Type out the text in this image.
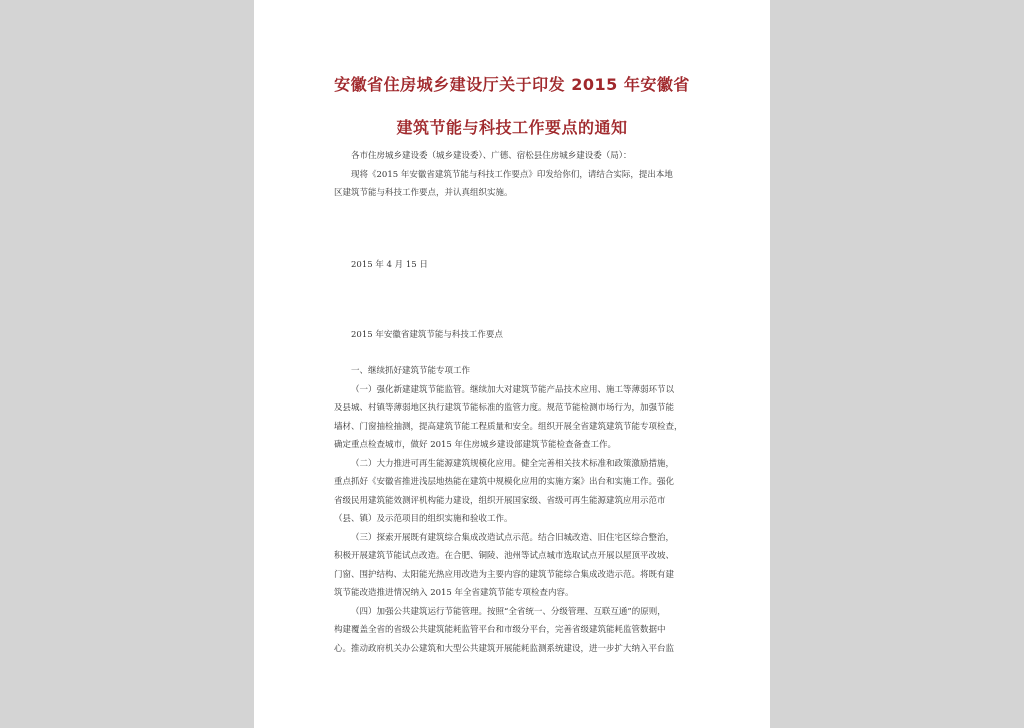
安徽省住房城乡建设厅关于印发 2015 年安徽省
建筑节能与科技工作要点的通知
各市住房城乡建设委（城乡建设委）、广德、宿松县住房城乡建设委（局）：
现将《2015 年安徽省建筑节能与科技工作要点》印发给你们，请结合实际，提出本地
区建筑节能与科技工作要点，并认真组织实施。
2015 年 4 月 15 日
2015 年安徽省建筑节能与科技工作要点
一、继续抓好建筑节能专项工作
（一）强化新建建筑节能监管。继续加大对建筑节能产品技术应用、施工等薄弱环节以
及县城、村镇等薄弱地区执行建筑节能标准的监管力度。规范节能检测市场行为，加强节能
墙材、门窗抽检抽测，提高建筑节能工程质量和安全。组织开展全省建筑建筑节能专项检查，
确定重点检查城市，做好 2015 年住房城乡建设部建筑节能检查备查工作。
（二）大力推进可再生能源建筑规模化应用。健全完善相关技术标准和政策激励措施，
重点抓好《安徽省推进浅层地热能在建筑中规模化应用的实施方案》出台和实施工作。强化
省级民用建筑能效测评机构能力建设，组织开展国家级、省级可再生能源建筑应用示范市
（县、镇）及示范项目的组织实施和验收工作。
（三）探索开展既有建筑综合集成改造试点示范。结合旧城改造、旧住宅区综合整治，
积极开展建筑节能试点改造。在合肥、铜陵、池州等试点城市选取试点开展以屋顶平改坡、
门窗、围护结构、太阳能光热应用改造为主要内容的建筑节能综合集成改造示范。将既有建
筑节能改造推进情况纳入 2015 年全省建筑节能专项检查内容。
（四）加强公共建筑运行节能管理。按照“全省统一、分级管理、互联互通”的原则，
构建覆盖全省的省级公共建筑能耗监管平台和市级分平台，完善省级建筑能耗监管数据中
心。推动政府机关办公建筑和大型公共建筑开展能耗监测系统建设，进一步扩大纳入平台监
